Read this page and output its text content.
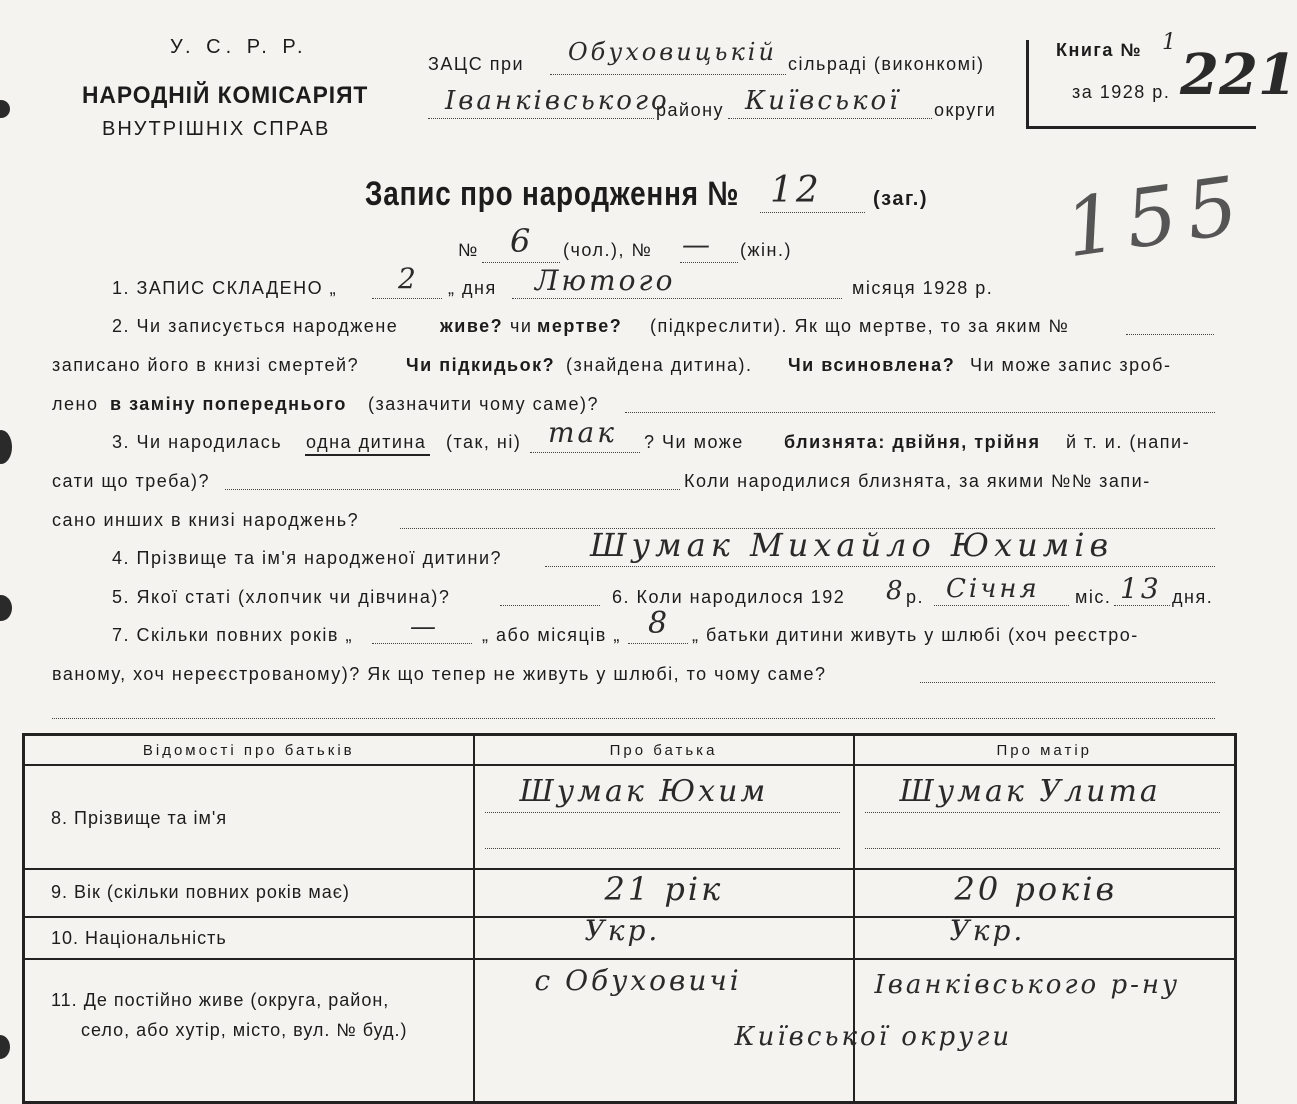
У. С. Р. Р.
НАРОДНІЙ КОМІСАРІЯТ
ВНУТРІШНІХ СПРАВ
ЗАЦС при Обуховицькій сільраді (виконкомі)
Іванківського
району Київської округи
Книга № 1
за 1928 р. 221
Запис про народження № 12	(заг.) 155
№ 6 (чол.), № — (жін.)
1. ЗАПИС СКЛАДЕНО „ 2 „ дня Лютого	місяця 1928 р.
2. Чи записується народжене живе? чи мертве? (підкреслити). Як що мертве, то за яким №
записано його в книзі смертей?	Чи підкидьок? (знайдена дитина). Чи всиновлена? Чи може запис зроб-
лено в заміну попереднього (зазначити чому саме)?
3. Чи народилась одна дитина (так, ні) так ? Чи може близнята: двійня, трійня й т. и. (напи-
сати що треба)?	Коли народилися близнята, за якими №№ запи-
сано инших в книзі народжень?
4. Прізвище та ім'я народженої дитини?	Шумак Михайло Юхимів
5. Якої статі (хлопчик чи дівчина)?	6. Коли народилося 192 8 р. Січня міс. 13 дня.
7. Скільки повних років „ — „ або місяців „ 8 „ батьки дитини живуть у шлюбі (хоч реєстро-
ваному, хоч нереєстрованому)? Як що тепер не живуть у шлюбі, то чому саме?
Відомості про батьків	Про батька	Про матір

8. Прізвище та ім'я	Шумак Юхим	Шумак Улита

9. Вік (скільки повних років має)	21 рік	20 років

10. Національність	Укр.	Укр.

11. Де постійно живе (округа, район,
село, або хутір, місто, вул. № буд.)	с Обуховичі	Іванківського р-ну
Київської округи
